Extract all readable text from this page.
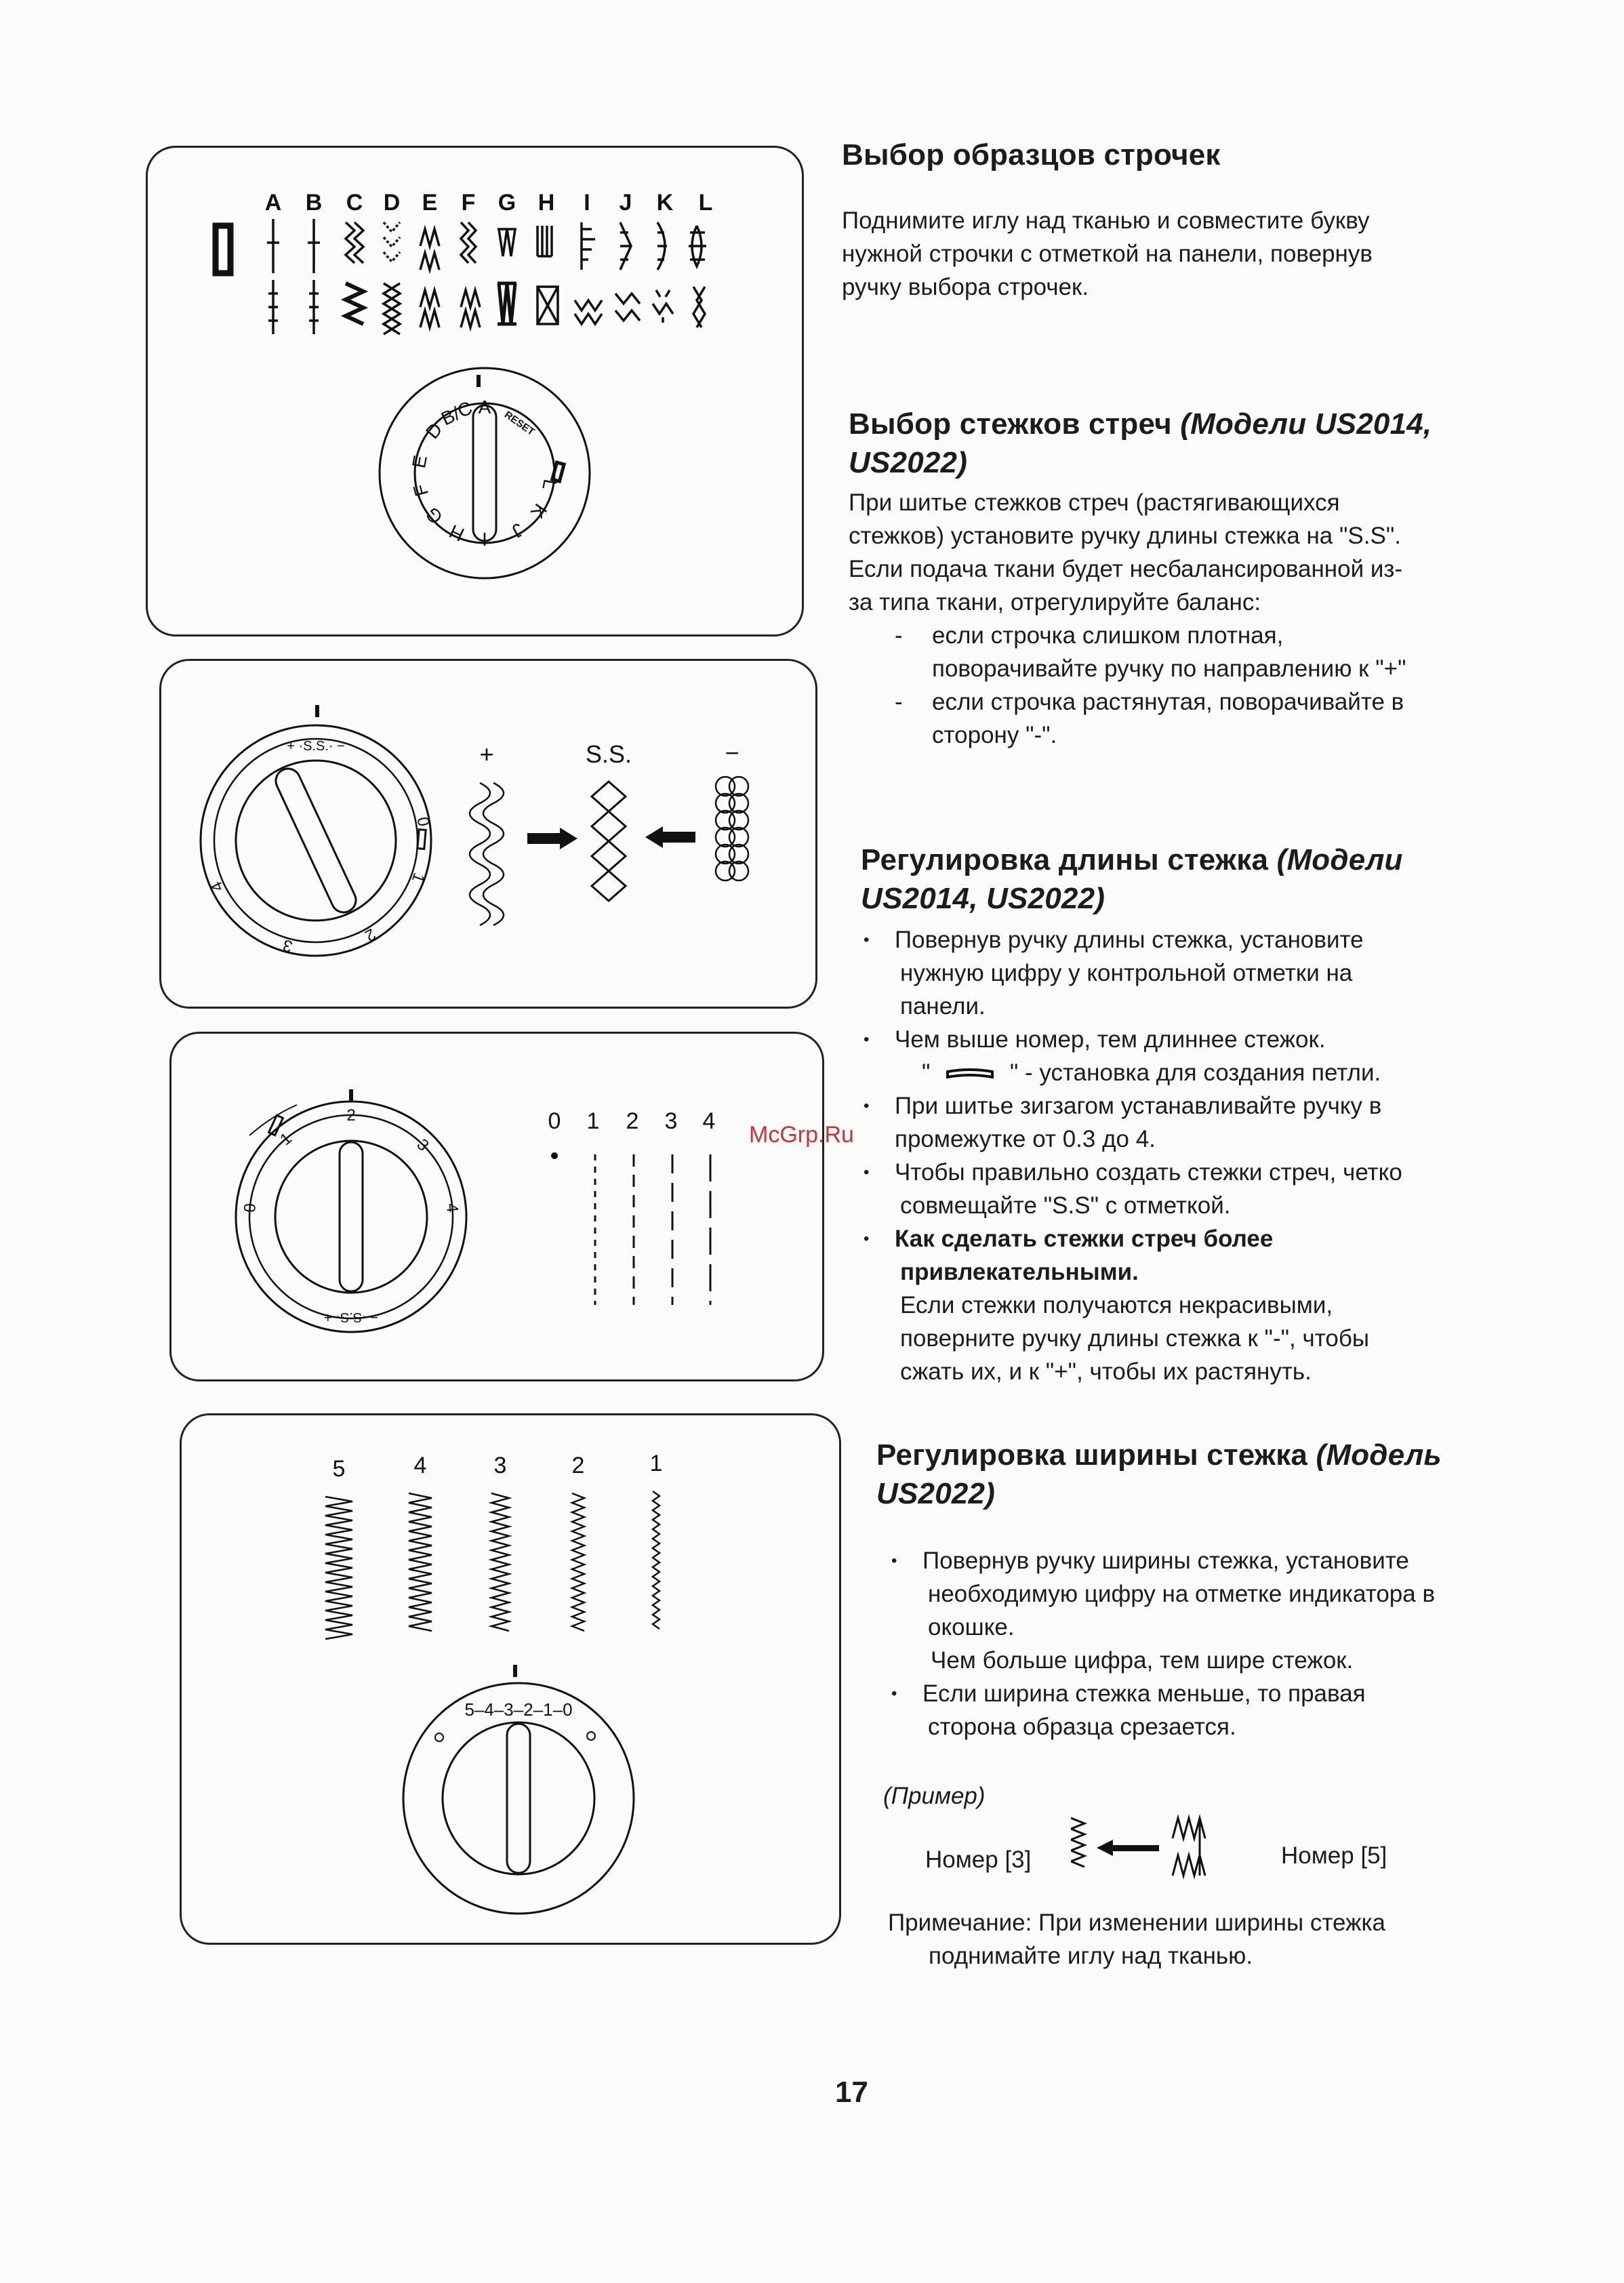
A B C D E F G H I J K L
A
B/C
D
E
F
G
H I J
K
L
RESET
+ ·S.S.· −
0
1
2
3
4
+	S.S.	−
0
1
2
3
4
− ·S.S· +
0 1 2 3 4
5	4	3	2	1
5–4–3–2–1–0
Выбор образцов строчек

Поднимите иглу над тканью и совместите букву

нужной строчки с отметкой на панели, повернув

ручку выбора строчек.

Выбор стежков стреч (Модели US2014,
US2022)

При шитье стежков стреч (растягивающихся

стежков) установите ручку длины стежка на "S.S".

Если подача ткани будет несбалансированной из-

за типа ткани, отрегулируйте баланс:

- если строчка слишком плотная,
поворачивайте ручку по направлению к "+"
- если строчка растянутая, поворачивайте в
сторону "-".
Регулировка длины стежка (Модели
US2014, US2022)
• Повернув ручку длины стежка, установите
нужную цифру у контрольной отметки на
панели.
• Чем выше номер, тем длиннее стежок.
"	" - установка для создания петли.
• При шитье зигзагом устанавливайте ручку в
промежутке от 0.3 до 4.
• Чтобы правильно создать стежки стреч, четко
совмещайте "S.S" с отметкой.
• Как сделать стежки стреч более
привлекательными.
Если стежки получаются некрасивыми,
поверните ручку длины стежка к "-", чтобы
сжать их, и к "+", чтобы их растянуть.
Регулировка ширины стежка (Модель
US2022)
• Повернув ручку ширины стежка, установите
необходимую цифру на отметке индикатора в
окошке.
Чем больше цифра, тем шире стежок.
• Если ширина стежка меньше, то правая
сторона образца срезается.
(Пример)
Номер [3]	Номер [5]
Примечание: При изменении ширины стежка
поднимайте иглу над тканью.
McGrp.Ru
17
